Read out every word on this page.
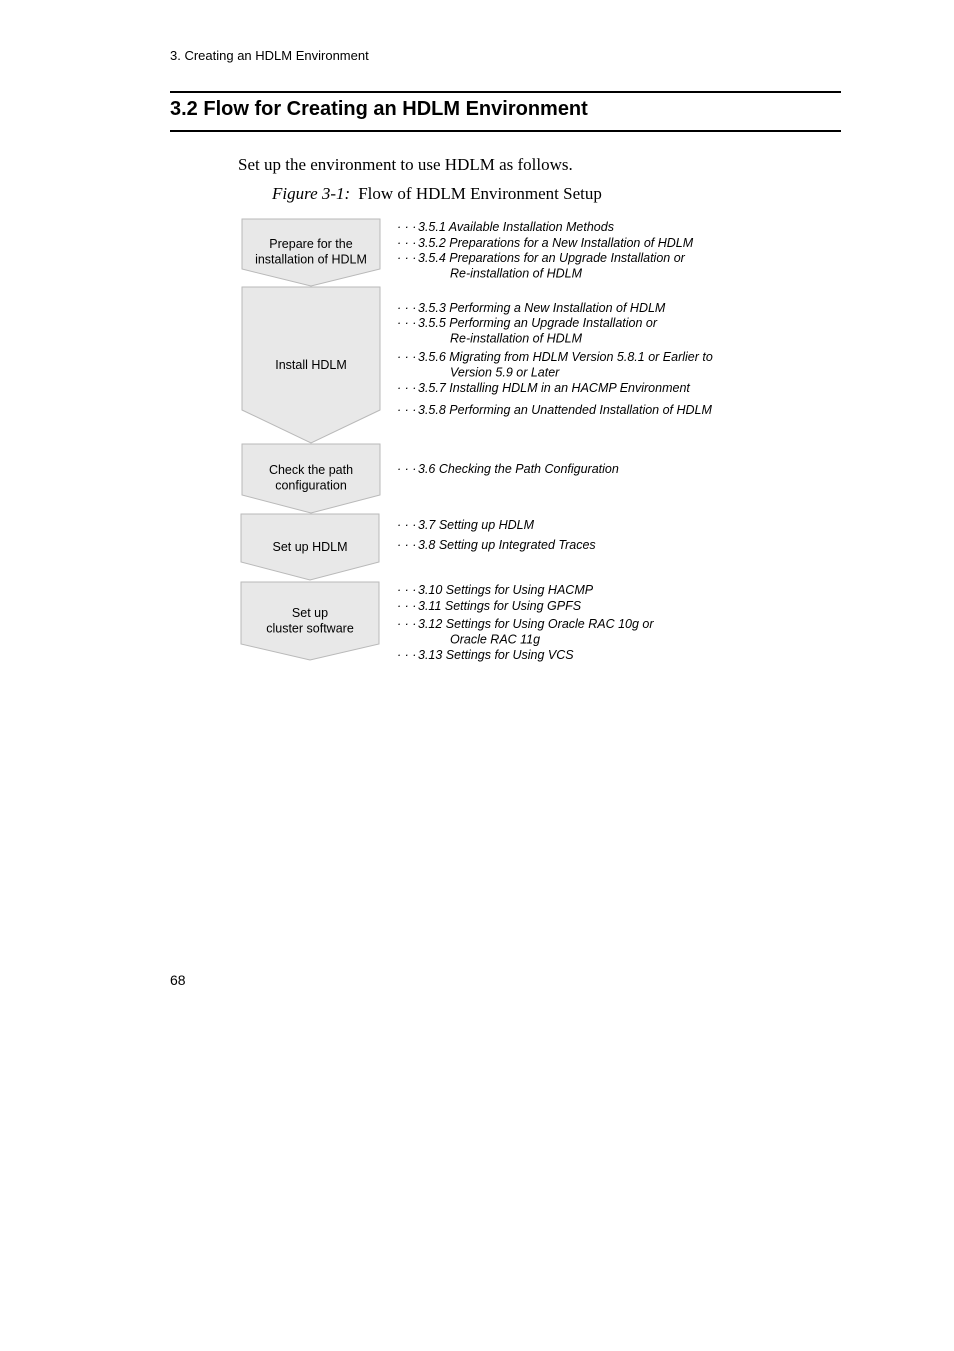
3. Creating an HDLM Environment
3.2 Flow for Creating an HDLM Environment
Set up the environment to use HDLM as follows.
Figure 3-1: Flow of HDLM Environment Setup
Prepare for the
installation of HDLM
· · · 3.5.1 Available Installation Methods
· · · 3.5.2 Preparations for a New Installation of HDLM
· · · 3.5.4 Preparations for an Upgrade Installation or
Re-installation of HDLM
Install HDLM
· · · 3.5.3 Performing a New Installation of HDLM
· · · 3.5.5 Performing an Upgrade Installation or
Re-installation of HDLM
· · · 3.5.6 Migrating from HDLM Version 5.8.1 or Earlier to
Version 5.9 or Later
· · · 3.5.7 Installing HDLM in an HACMP Environment
· · · 3.5.8 Performing an Unattended Installation of HDLM
Check the path
configuration
· · · 3.6 Checking the Path Configuration
Set up HDLM
· · · 3.7 Setting up HDLM
· · · 3.8 Setting up Integrated Traces
Set up
cluster software
· · · 3.10 Settings for Using HACMP
· · · 3.11 Settings for Using GPFS
· · · 3.12 Settings for Using Oracle RAC 10g or
Oracle RAC 11g
· · · 3.13 Settings for Using VCS
68
